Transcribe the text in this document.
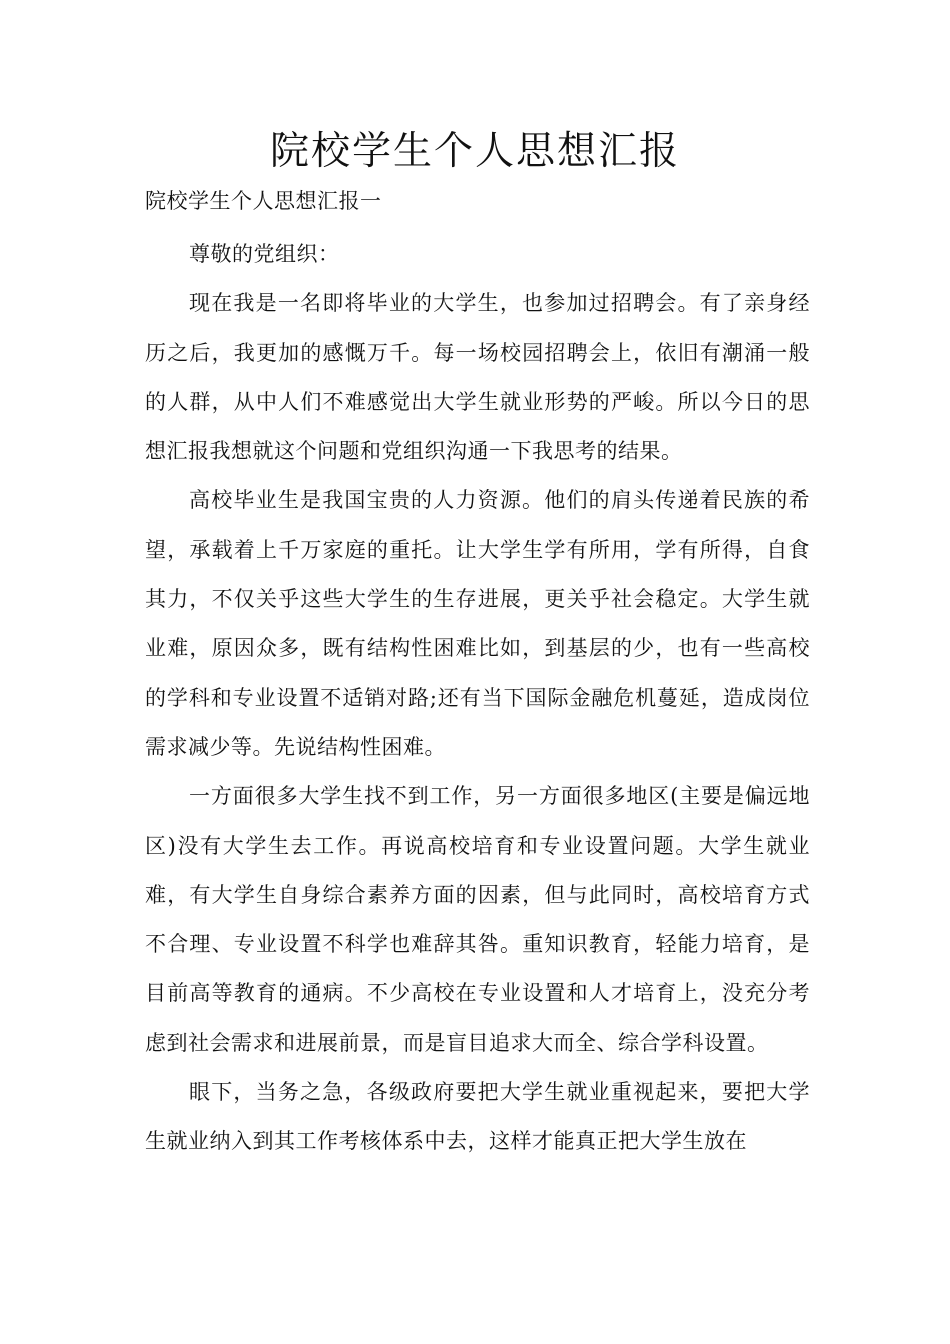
院校学生个人思想汇报
院校学生个人思想汇报一

尊敬的党组织：

现在我是一名即将毕业的大学生，也参加过招聘会。有了亲身经历之后，我更加的感慨万千。每一场校园招聘会上，依旧有潮涌一般的人群，从中人们不难感觉出大学生就业形势的严峻。所以今日的思想汇报我想就这个问题和党组织沟通一下我思考的结果。

高校毕业生是我国宝贵的人力资源。他们的肩头传递着民族的希望，承载着上千万家庭的重托。让大学生学有所用，学有所得，自食其力，不仅关乎这些大学生的生存进展，更关乎社会稳定。大学生就业难，原因众多，既有结构性困难比如，到基层的少，也有一些高校的学科和专业设置不适销对路;还有当下国际金融危机蔓延，造成岗位需求减少等。先说结构性困难。

一方面很多大学生找不到工作，另一方面很多地区(主要是偏远地区)没有大学生去工作。再说高校培育和专业设置问题。大学生就业难，有大学生自身综合素养方面的因素，但与此同时，高校培育方式不合理、专业设置不科学也难辞其咎。重知识教育，轻能力培育，是目前高等教育的通病。不少高校在专业设置和人才培育上，没充分考虑到社会需求和进展前景，而是盲目追求大而全、综合学科设置。

眼下，当务之急，各级政府要把大学生就业重视起来，要把大学生就业纳入到其工作考核体系中去，这样才能真正把大学生放在
